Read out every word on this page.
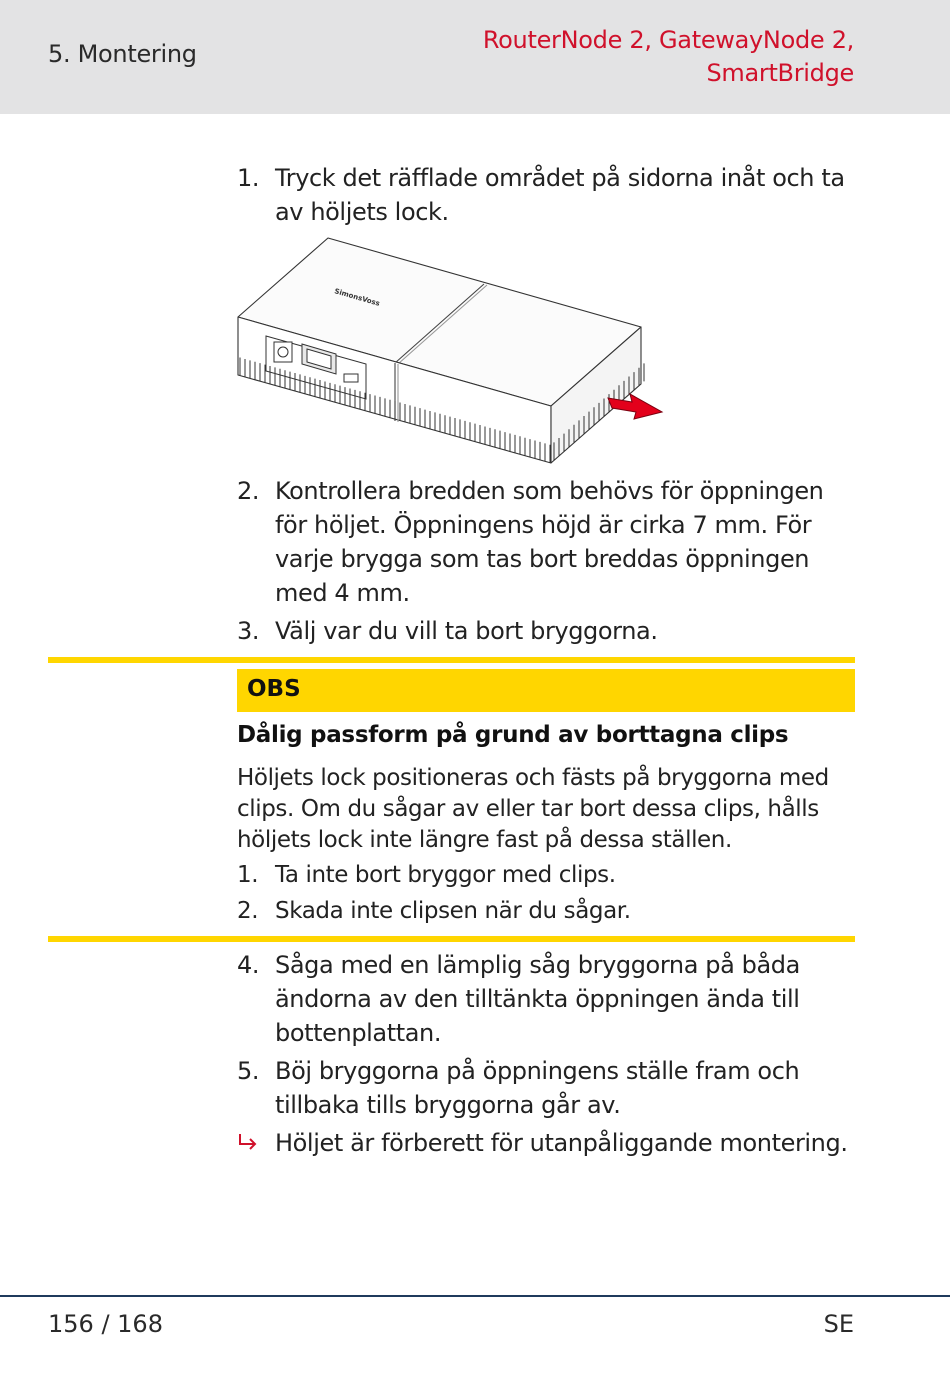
5. Montering	RouterNode 2, GatewayNode 2,
SmartBridge
1. Tryck det räfflade området på sidorna inåt och ta av höljets lock.
SimonsVoss
2. Kontrollera bredden som behövs för öppningen för höljet. Öppningens höjd är cirka 7 mm. För varje brygga som tas bort breddas öppningen med 4 mm.
3. Välj var du vill ta bort bryggorna.
OBS
Dålig passform på grund av borttagna clips
Höljets lock positioneras och fästs på bryggorna med clips. Om du sågar av eller tar bort dessa clips, hålls höljets lock inte längre fast på dessa ställen.
1. Ta inte bort bryggor med clips.
2. Skada inte clipsen när du sågar.
4. Såga med en lämplig såg bryggorna på båda ändorna av den tilltänkta öppningen ända till bottenplattan.
5. Böj bryggorna på öppningens ställe fram och tillbaka tills bryggorna går av.
Höljet är förberett för utanpåliggande montering.
156 / 168	SE
